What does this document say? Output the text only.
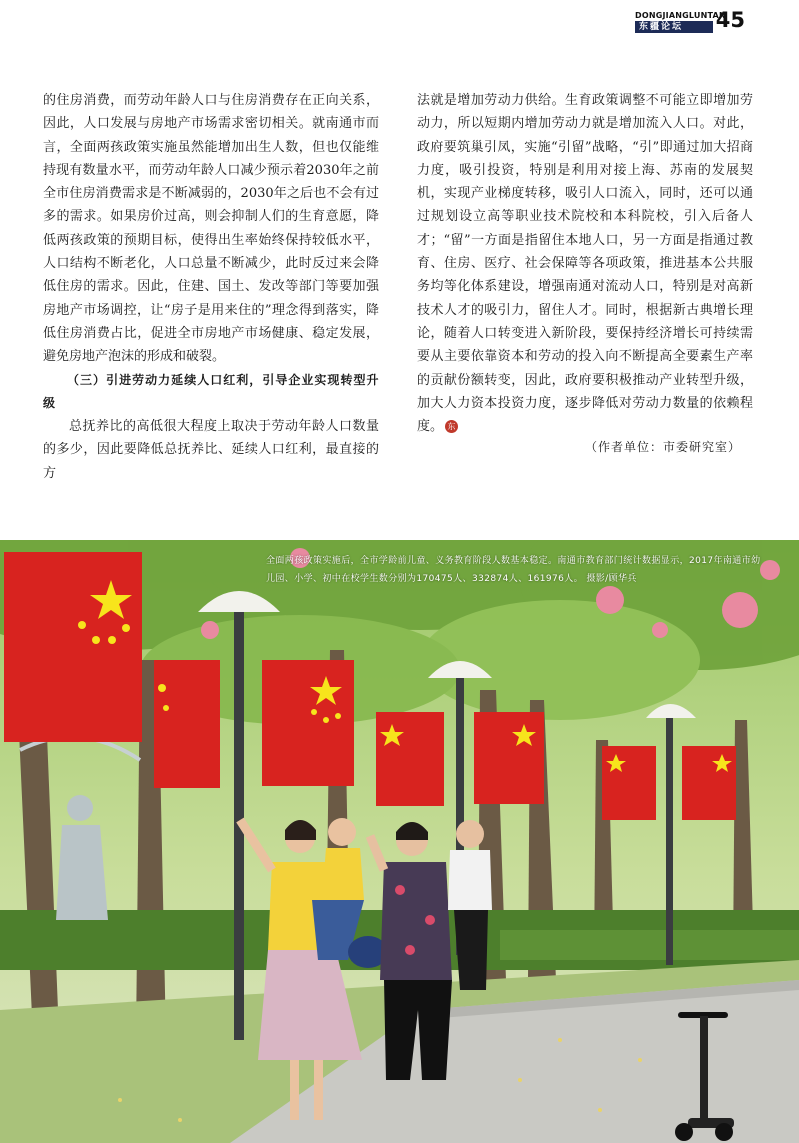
DONGJIANGLUNTAN
东疆论坛	45

的住房消费，而劳动年龄人口与住房消费存在正向关系，因此，人口发展与房地产市场需求密切相关。就南通市而言，全面两孩政策实施虽然能增加出生人数，但也仅能维持现有数量水平，而劳动年龄人口减少预示着2030年之前全市住房消费需求是不断减弱的，2030年之后也不会有过多的需求。如果房价过高，则会抑制人们的生育意愿，降低两孩政策的预期目标，使得出生率始终保持较低水平，人口结构不断老化，人口总量不断减少，此时反过来会降低住房的需求。因此，住建、国土、发改等部门等要加强房地产市场调控，让“房子是用来住的”理念得到落实，降低住房消费占比，促进全市房地产市场健康、稳定发展，避免房地产泡沫的形成和破裂。

（三）引进劳动力延续人口红利，引导企业实现转型升级

总抚养比的高低很大程度上取决于劳动年龄人口数量的多少，因此要降低总抚养比、延续人口红利，最直接的方

法就是增加劳动力供给。生育政策调整不可能立即增加劳动力，所以短期内增加劳动力就是增加流入人口。对此，政府要筑巢引凤，实施“引留”战略，“引”即通过加大招商力度，吸引投资，特别是利用对接上海、苏南的发展契机，实现产业梯度转移，吸引人口流入，同时，还可以通过规划设立高等职业技术院校和本科院校，引入后备人才；“留”一方面是指留住本地人口，另一方面是指通过教育、住房、医疗、社会保障等各项政策，推进基本公共服务均等化体系建设，增强南通对流动人口，特别是对高新技术人才的吸引力，留住人才。同时，根据新古典增长理论，随着人口转变进入新阶段，要保持经济增长可持续需要从主要依靠资本和劳动的投入向不断提高全要素生产率的贡献份额转变，因此，政府要积极推动产业转型升级，加大人力资本投资力度，逐步降低对劳动力数量的依赖程度。 东

（作者单位：市委研究室）
全面两孩政策实施后，全市学龄前儿童、义务教育阶段人数基本稳定。南通市教育部门统计数据显示，2017年南通市幼儿园、小学、初中在校学生数分别为170475人、332874人、161976人。 摄影/顾华兵
